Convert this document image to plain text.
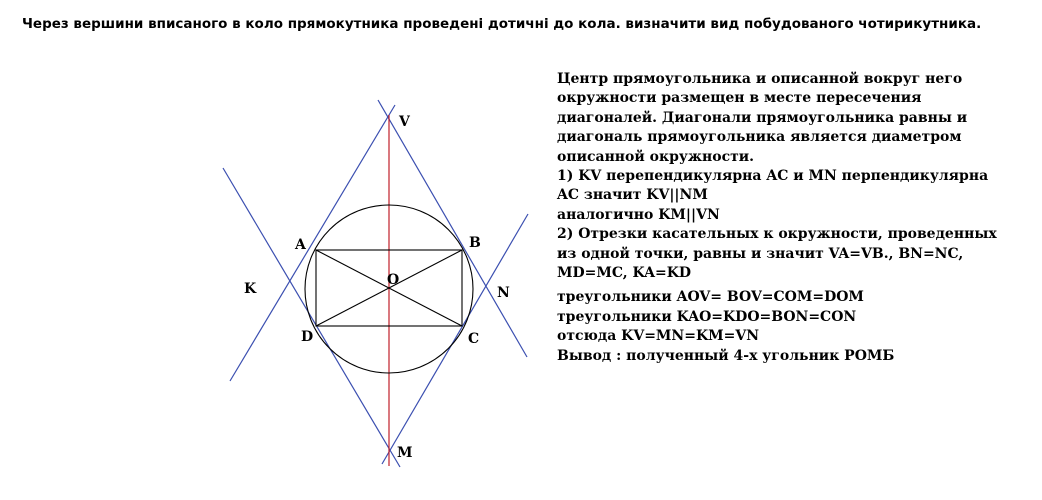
Через вершини вписаного в коло прямокутника проведені дотичні до кола. визначити вид побудованого чотирикутника.
V
A	B
K
O
N
D	C
M
Центр прямоугольника и описанной вокруг него
окружности размещен в месте пересечения
диагоналей. Диагонали прямоугольника равны и
диагональ прямоугольника является диаметром
описанной окружности.
1) KV перепендикулярна AC и MN перпендикулярна
AC значит KV||NM
аналогично KM||VN
2) Отрезки касательных к окружности, проведенных
из одной точки, равны и значит VA=VB., BN=NC,
MD=MC, KA=KD
треугольники AOV= BOV=COM=DOM
треугольники KAO=KDO=BON=CON
отсюда KV=MN=KM=VN
Вывод : полученный 4-х угольник РОМБ
